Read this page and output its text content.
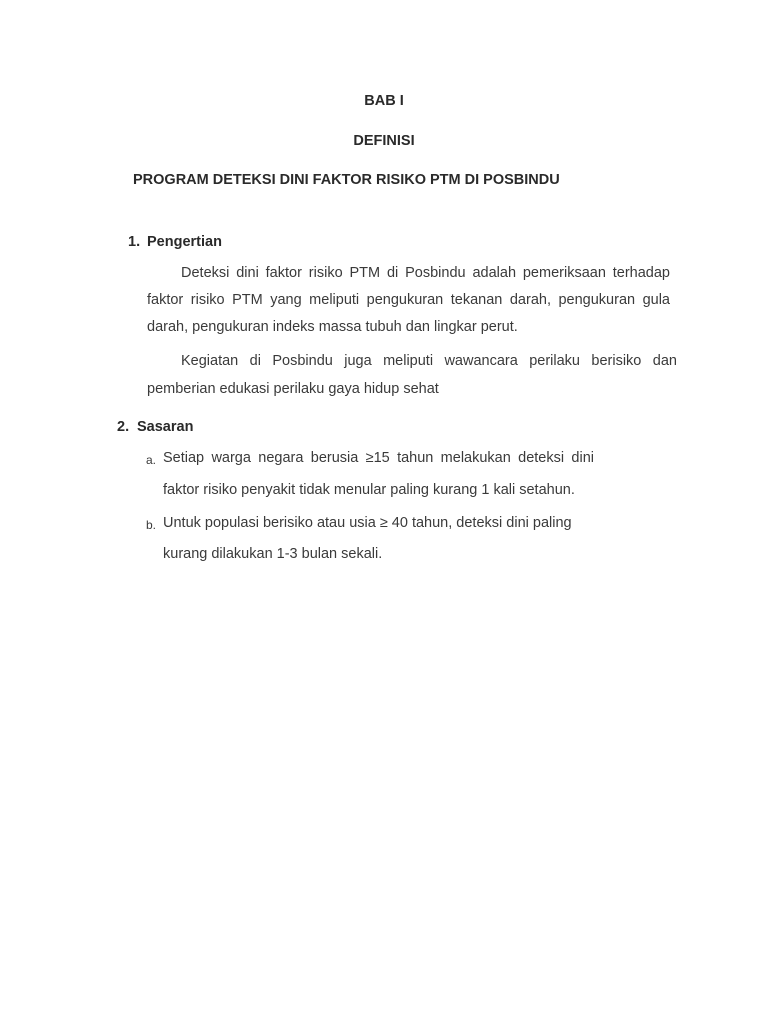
BAB I
DEFINISI
PROGRAM DETEKSI DINI FAKTOR RISIKO PTM DI POSBINDU
1. Pengertian
Deteksi dini faktor risiko PTM di Posbindu adalah pemeriksaan terhadap
faktor risiko PTM yang meliputi pengukuran tekanan darah, pengukuran gula
darah, pengukuran indeks massa tubuh dan lingkar perut.
Kegiatan di Posbindu juga meliputi wawancara perilaku berisiko dan
pemberian edukasi perilaku gaya hidup sehat
2. Sasaran
a. Setiap warga negara berusia ≥15 tahun melakukan deteksi dini
faktor risiko penyakit tidak menular paling kurang 1 kali setahun.
b. Untuk populasi berisiko atau usia ≥ 40 tahun, deteksi dini paling
kurang dilakukan 1-3 bulan sekali.
